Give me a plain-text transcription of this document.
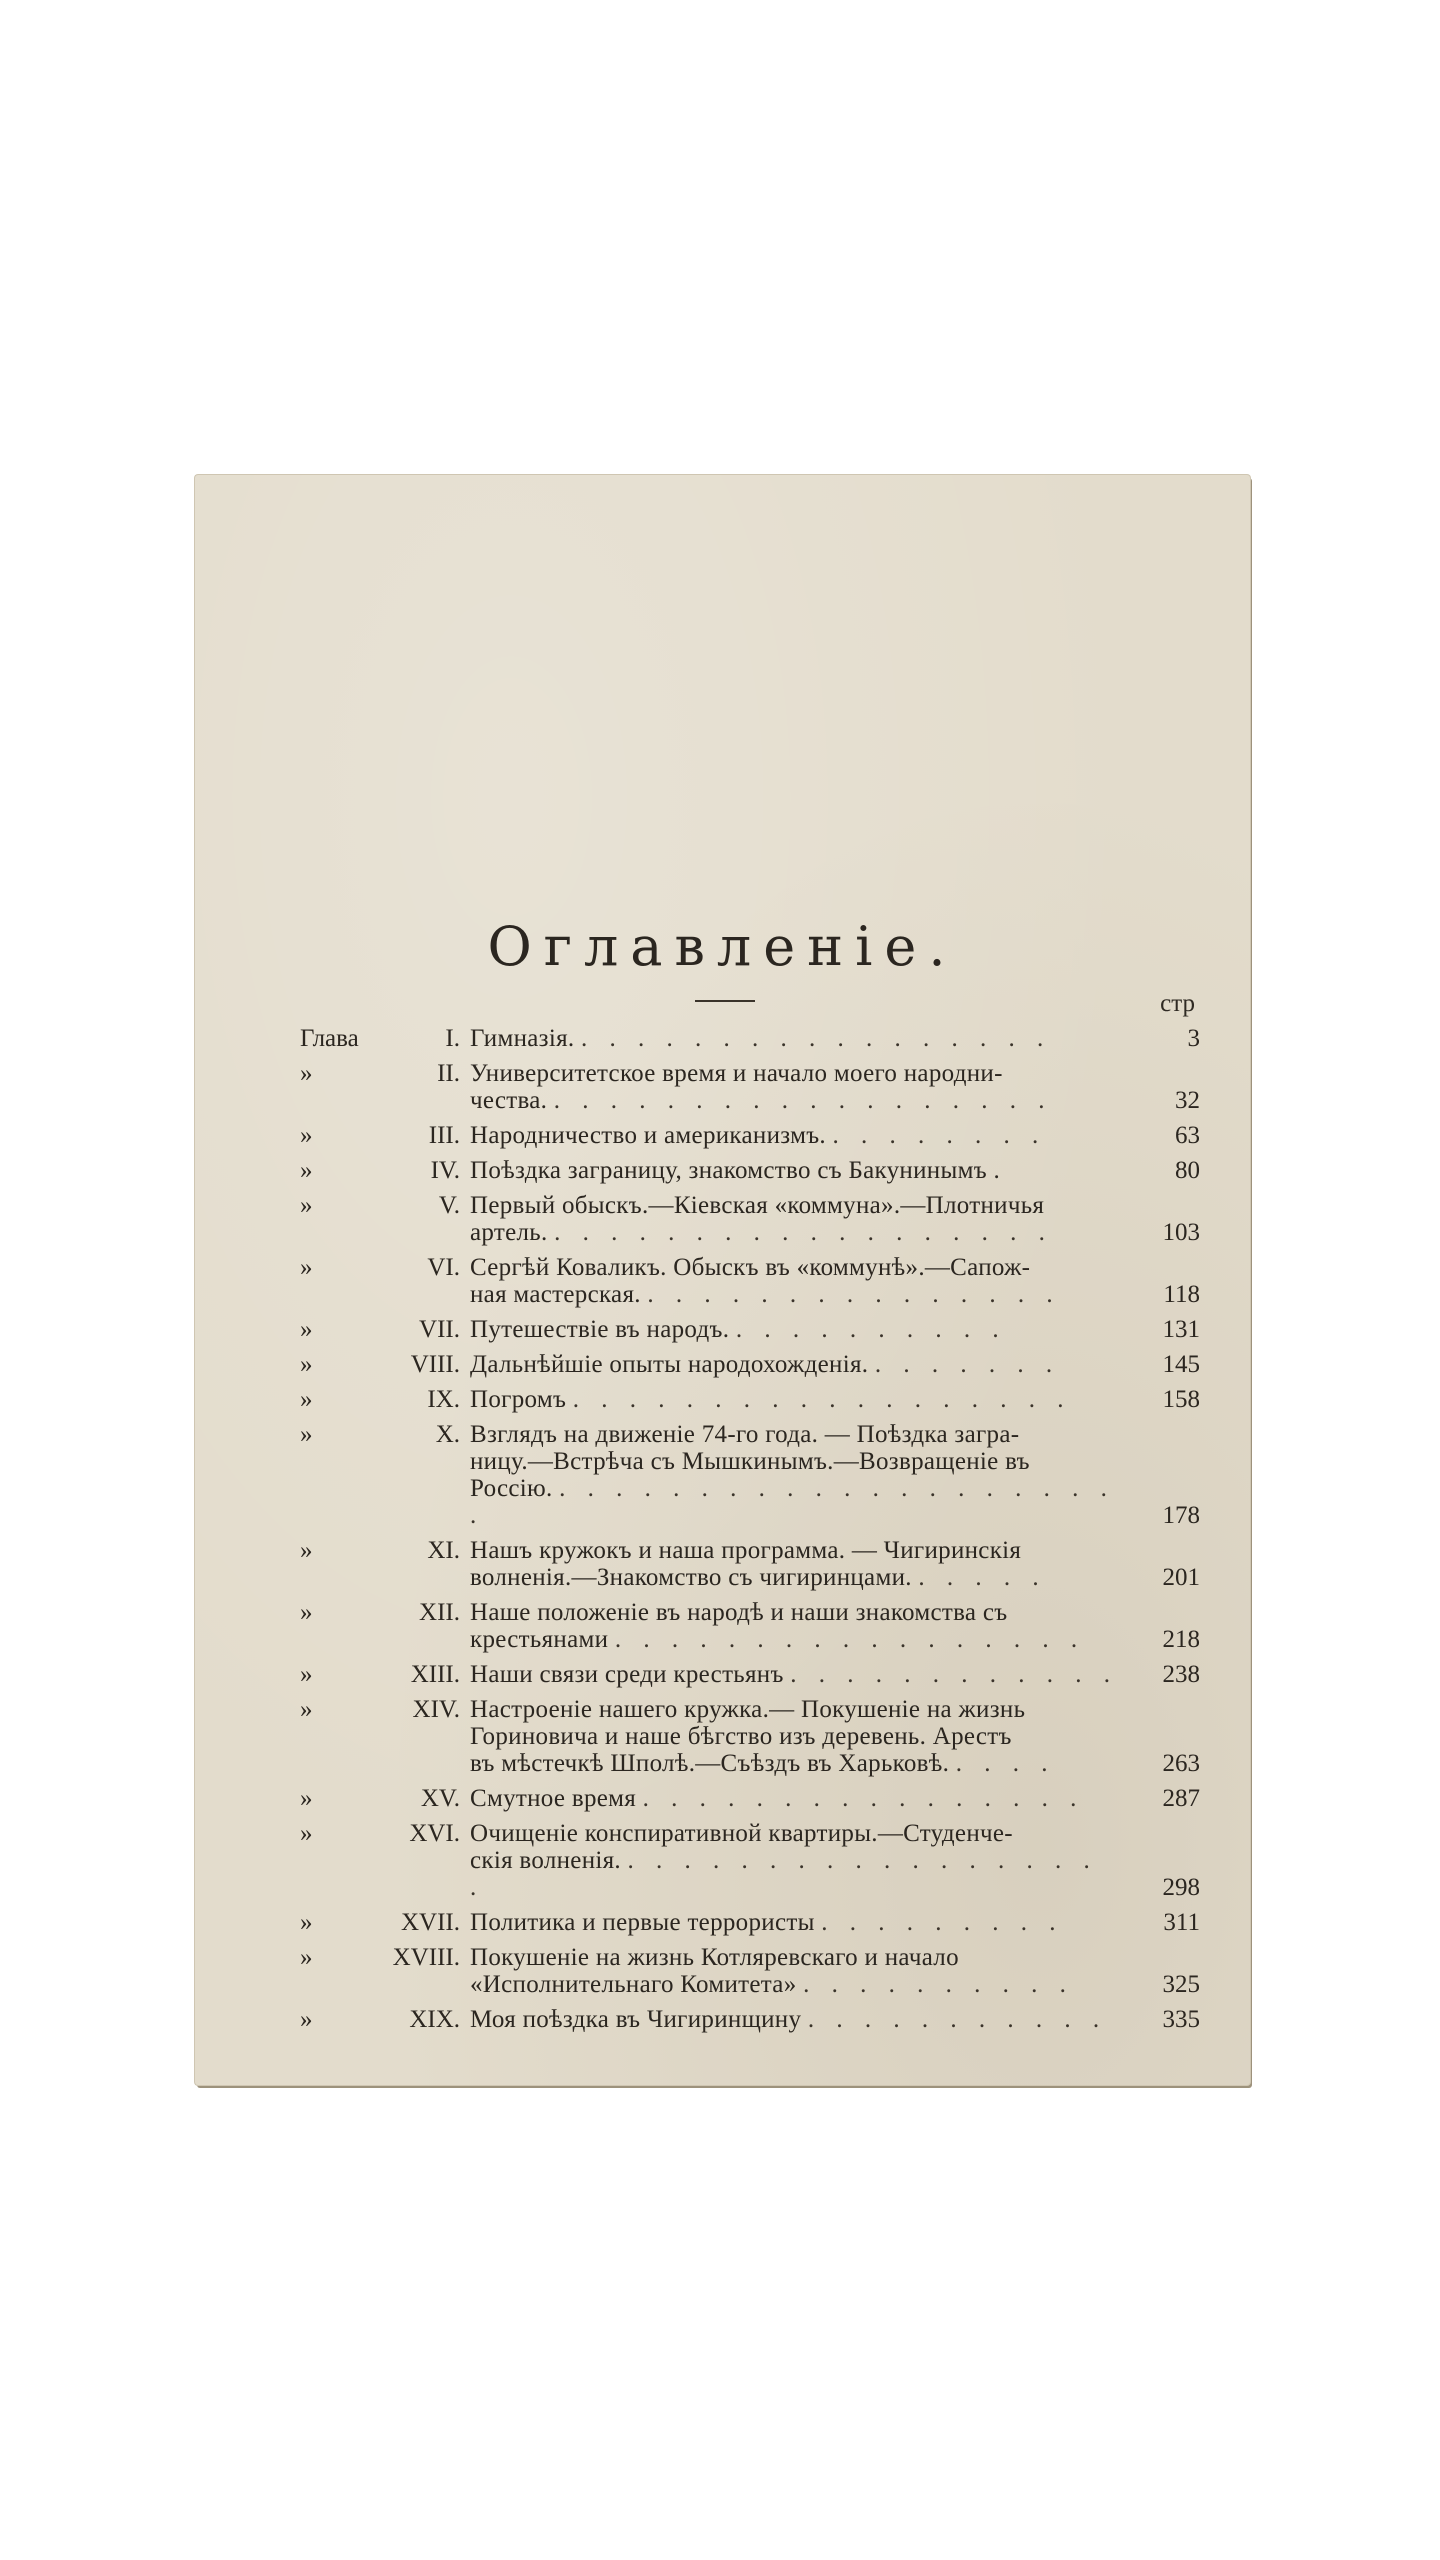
Оглавленіе.
стр
Глава	I. Гимназія. . . . . . . . . . . . . . . . . .	3
»	II. Университетское время и начало моего народни-
чества. . . . . . . . . . . . . . . . . . .	32
»	III. Народничество и американизмъ. . . . . . . . .	63
»	IV. Поѣздка заграницу, знакомство съ Бакунинымъ .	80
»	V. Первый обыскъ.—Кіевская «коммуна».—Плотничья
артель. . . . . . . . . . . . . . . . . . .	103
»	VI. Сергѣй Коваликъ. Обыскъ въ «коммунѣ».—Сапож-
ная мастерская. . . . . . . . . . . . . . . .	118
»	VII. Путешествіе въ народъ. . . . . . . . . . .	131
»	VIII. Дальнѣйшіе опыты народохожденія. . . . . . . .	145
»	IX. Погромъ . . . . . . . . . . . . . . . . . .	158
»	X. Взглядъ на движеніе 74-го года. — Поѣздка загра-
ницу.—Встрѣча съ Мышкинымъ.—Возвращеніе въ
Россію. . . . . . . . . . . . . . . . . . . . . .	178
»	XI. Нашъ кружокъ и наша программа. — Чигиринскія
волненія.—Знакомство съ чигиринцами. . . . . .	201
»	XII. Наше положеніе въ народѣ и наши знакомства съ
крестьянами . . . . . . . . . . . . . . . . .	218
»	XIII. Наши связи среди крестьянъ . . . . . . . . . . . .	238
»	XIV. Настроеніе нашего кружка.— Покушеніе на жизнь
Гориновича и наше бѣгство изъ деревень. Арестъ
въ мѣстечкѣ Шполѣ.—Съѣздъ въ Харьковѣ. . . . .	263
»	XV. Смутное время . . . . . . . . . . . . . . . .	287
»	XVI. Очищеніе конспиративной квартиры.—Студенче-
скія волненія. . . . . . . . . . . . . . . . . . .	298
»	XVII. Политика и первые террористы . . . . . . . . .	311
»	XVIII. Покушеніе на жизнь Котляревскаго и начало
«Исполнительнаго Комитета» . . . . . . . . . .	325
»	XIX. Моя поѣздка въ Чигиринщину . . . . . . . . . . .	335
